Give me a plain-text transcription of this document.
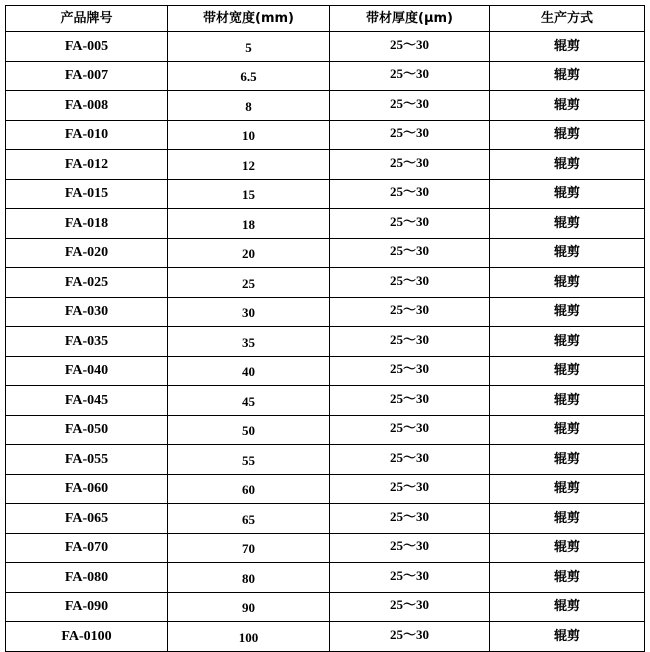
产品牌号	带材宽度(mm)	带材厚度(μm)	生产方式
FA-005	5	25～30	辊剪
FA-007	6.5	25～30	辊剪
FA-008	8	25～30	辊剪
FA-010	10	25～30	辊剪
FA-012	12	25～30	辊剪
FA-015	15	25～30	辊剪
FA-018	18	25～30	辊剪
FA-020	20	25～30	辊剪
FA-025	25	25～30	辊剪
FA-030	30	25～30	辊剪
FA-035	35	25～30	辊剪
FA-040	40	25～30	辊剪
FA-045	45	25～30	辊剪
FA-050	50	25～30	辊剪
FA-055	55	25～30	辊剪
FA-060	60	25～30	辊剪
FA-065	65	25～30	辊剪
FA-070	70	25～30	辊剪
FA-080	80	25～30	辊剪
FA-090	90	25～30	辊剪
FA-0100	100	25～30	辊剪
